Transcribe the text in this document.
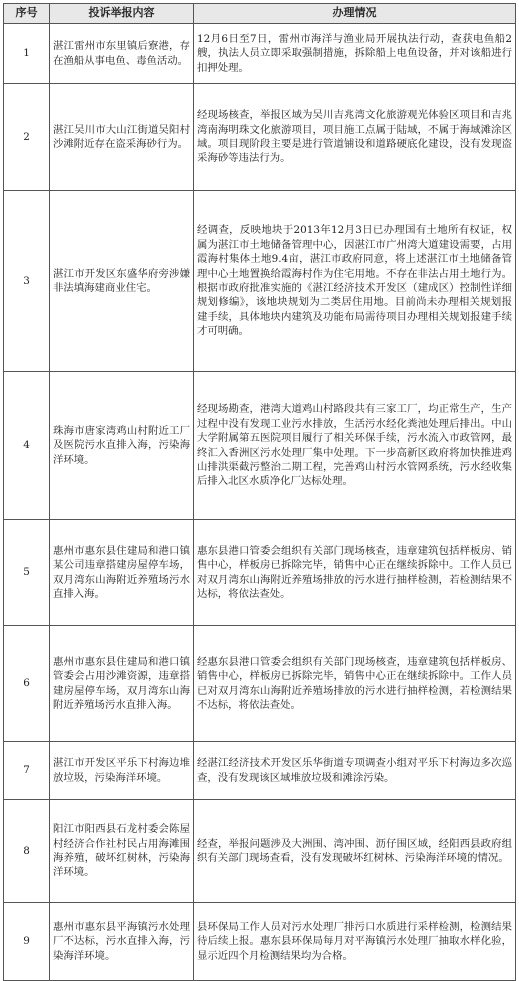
序号	投诉举报内容	办理情况
1	湛江雷州市东里镇后寮港，存在渔船从事电鱼、毒鱼活动。	12月6日至7日，雷州市海洋与渔业局开展执法行动，查获电鱼船2艘，执法人员立即采取强制措施，拆除船上电鱼设备，并对该船进行扣押处理。
2	湛江吴川市大山江街道吴阳村沙滩附近存在盗采海砂行为。	经现场核查，举报区域为吴川吉兆湾文化旅游观光体验区项目和吉兆湾南海明珠文化旅游项目，项目施工点属于陆域，不属于海域滩涂区域。项目现阶段主要是进行管道铺设和道路硬底化建设，没有发现盗采海砂等违法行为。
3	湛江市开发区东盛华府旁涉嫌非法填海建商业住宅。	经调查，反映地块于2013年12月3日已办理国有土地所有权证，权属为湛江市土地储备管理中心，因湛江市广州湾大道建设需要，占用霞海村集体土地9.4亩，湛江市政府同意，将上述湛江市土地储备管理中心土地置换给霞海村作为住宅用地。不存在非法占用土地行为。根据市政府批准实施的《湛江经济技术开发区（建成区）控制性详细规划修编》，该地块规划为二类居住用地。目前尚未办理相关规划报建手续，具体地块内建筑及功能布局需待项目办理相关规划报建手续才可明确。
4	珠海市唐家湾鸡山村附近工厂及医院污水直排入海，污染海洋环境。	经现场勘查，港湾大道鸡山村路段共有三家工厂，均正常生产，生产过程中没有发现工业污水排放，生活污水经化粪池处理后排出。中山大学附属第五医院项目履行了相关环保手续，污水流入市政管网，最终汇入香洲区污水处理厂集中处理。下一步高新区政府将加快推进鸡山排洪渠截污整治二期工程，完善鸡山村污水管网系统，污水经收集后排入北区水质净化厂达标处理。
5	惠州市惠东县住建局和港口镇某公司违章搭建房屋停车场，双月湾东山海附近养殖场污水直排入海。	惠东县港口管委会组织有关部门现场核查，违章建筑包括样板房、销售中心，样板房已拆除完毕，销售中心正在继续拆除中。工作人员已对双月湾东山海附近养殖场排放的污水进行抽样检测，若检测结果不达标，将依法查处。
6	惠州市惠东县住建局和港口镇管委会占用沙滩资源，违章搭建房屋停车场，双月湾东山海附近养殖场污水直排入海。	经惠东县港口管委会组织有关部门现场核查，违章建筑包括样板房、销售中心，样板房已拆除完毕，销售中心正在继续拆除中。工作人员已对双月湾东山海附近养殖场排放的污水进行抽样检测，若检测结果不达标，将依法查处。
7	湛江市开发区平乐下村海边堆放垃圾，污染海洋环境。	经湛江经济技术开发区乐华街道专项调查小组对平乐下村海边多次巡查，没有发现该区域堆放垃圾和滩涂污染。
8	阳江市阳西县石龙村委会陈屋村经济合作社村民占用海滩围海养殖，破坏红树林，污染海洋环境。	经查，举报问题涉及大洲围、湾冲围、沥仔围区域，经阳西县政府组织有关部门现场查看，没有发现破坏红树林、污染海洋环境的情况。
9	惠州市惠东县平海镇污水处理厂不达标，污水直排入海，污染海洋环境。	县环保局工作人员对污水处理厂排污口水质进行采样检测，检测结果待后续上报。惠东县环保局每月对平海镇污水处理厂抽取水样化验，显示近四个月检测结果均为合格。
